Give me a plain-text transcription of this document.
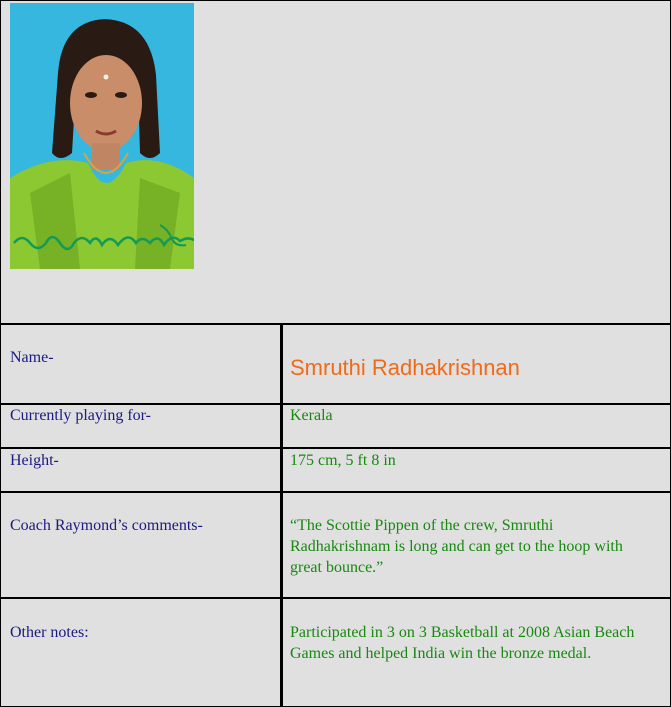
Name-	Smruthi Radhakrishnan
Currently playing for-	Kerala
Height-	175 cm, 5 ft 8 in
Coach Raymond’s comments-	“The Scottie Pippen of the crew, Smruthi Radhakrishnam is long and can get to the hoop with great bounce.”
Other notes:	Participated in 3 on 3 Basketball at 2008 Asian Beach Games and helped India win the bronze medal.
